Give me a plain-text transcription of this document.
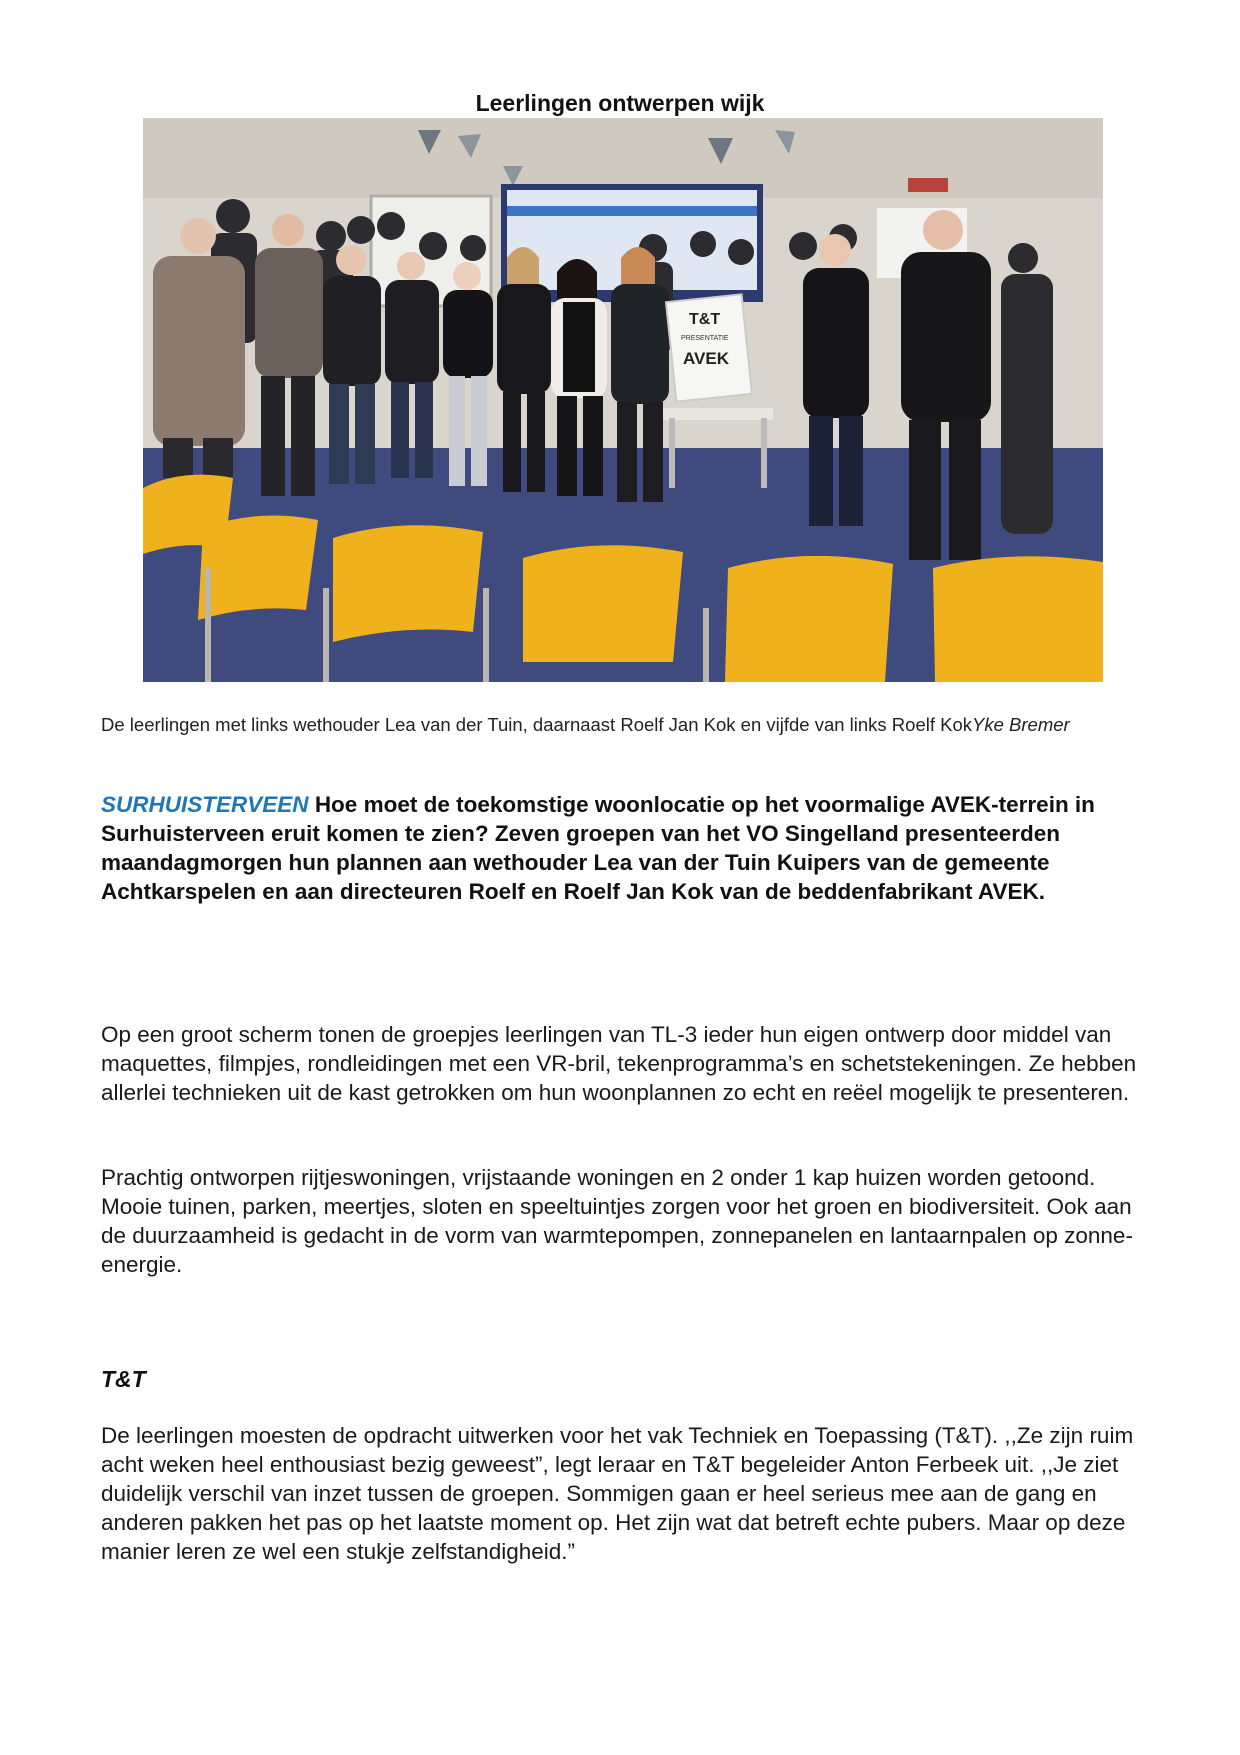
Leerlingen ontwerpen wijk
T&T
PRESENTATIE
AVEK
De leerlingen met links wethouder Lea van der Tuin, daarnaast Roelf Jan Kok en vijfde van links Roelf KokYke Bremer
SURHUISTERVEEN Hoe moet de toekomstige woonlocatie op het voormalige AVEK-terrein in Surhuisterveen eruit komen te zien? Zeven groepen van het VO Singelland presenteerden maandagmorgen hun plannen aan wethouder Lea van der Tuin Kuipers van de gemeente Achtkarspelen en aan directeuren Roelf en Roelf Jan Kok van de beddenfabrikant AVEK.
Op een groot scherm tonen de groepjes leerlingen van TL-3 ieder hun eigen ontwerp door middel van maquettes, filmpjes, rondleidingen met een VR-bril, tekenprogramma’s en schetstekeningen. Ze hebben allerlei technieken uit de kast getrokken om hun woonplannen zo echt en reëel mogelijk te presenteren.
Prachtig ontworpen rijtjeswoningen, vrijstaande woningen en 2 onder 1 kap huizen worden getoond. Mooie tuinen, parken, meertjes, sloten en speeltuintjes zorgen voor het groen en biodiversiteit. Ook aan de duurzaamheid is gedacht in de vorm van warmtepompen, zonnepanelen en lantaarnpalen op zonne-energie.
T&T
De leerlingen moesten de opdracht uitwerken voor het vak Techniek en Toepassing (T&T). ,,Ze zijn ruim acht weken heel enthousiast bezig geweest”, legt leraar en T&T begeleider Anton Ferbeek uit. ,,Je ziet duidelijk verschil van inzet tussen de groepen. Sommigen gaan er heel serieus mee aan de gang en anderen pakken het pas op het laatste moment op. Het zijn wat dat betreft echte pubers. Maar op deze manier leren ze wel een stukje zelfstandigheid.”
